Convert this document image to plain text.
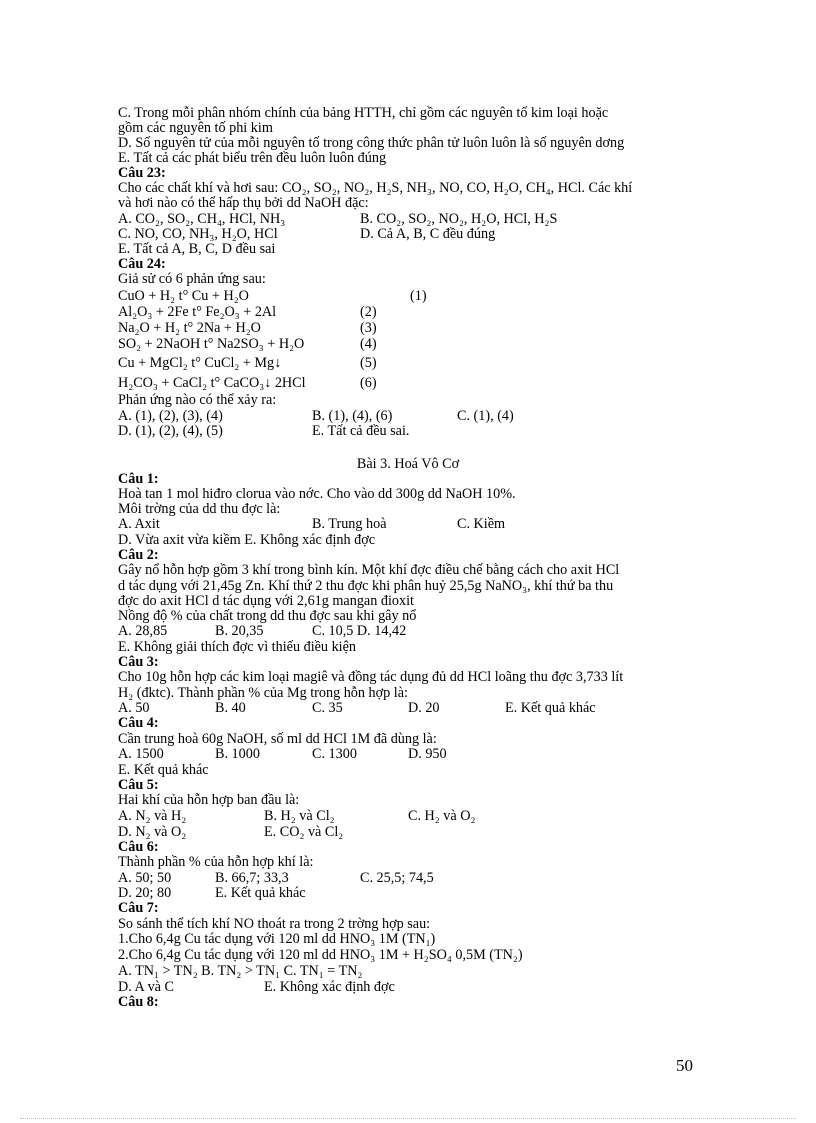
C. Trong mỗi phân nhóm chính của bảng HTTH, chỉ gồm các nguyên tố kim loại hoặc
gồm các nguyên tố phi kim
D. Số nguyên tử của mỗi nguyên tố trong công thức phân tử luôn luôn là số nguyên dơng
E. Tất cả các phát biểu trên đều luôn luôn đúng
Câu 23:
Cho các chất khí và hơi sau: CO₂, SO₂, NO₂, H₂S, NH₃, NO, CO, H₂O, CH₄, HCl. Các khí
và hơi nào có thể hấp thụ bởi dd NaOH đặc:
A. CO₂, SO₂, CH₄, HCl, NH₃	B. CO₂, SO₂, NO₂, H₂O, HCl, H₂S
C. NO, CO, NH₃, H₂O, HCl	D. Cả A, B, C đều đúng
E. Tất cả A, B, C, D đều sai
Câu 24:
Giả sử có 6 phản ứng sau:
CuO + H₂ t° Cu + H₂O	(1)
Al₂O₃ + 2Fe t° Fe₂O₃ + 2Al	(2)
Na₂O + H₂ t° 2Na + H₂O	(3)
SO₂ + 2NaOH t° Na2SO₃ + H₂O	(4)
Cu + MgCl₂ t° CuCl₂ + Mg↓	(5)
H₂CO₃ + CaCl₂ t° CaCO₃↓ 2HCl	(6)
Phản ứng nào có thể xảy ra:
A. (1), (2), (3), (4)	B. (1), (4), (6)	C. (1), (4)
D. (1), (2), (4), (5)	E. Tất cả đều sai.
Bài 3. Hoá Vô Cơ
Câu 1:
Hoà tan 1 mol hiđro clorua vào nớc. Cho vào dd 300g dd NaOH 10%.
Môi trờng của dd thu đợc là:
A. Axit	B. Trung hoà	C. Kiềm
D. Vừa axit vừa kiềm E. Không xác định đợc
Câu 2:
Gây nổ hỗn hợp gồm 3 khí trong bình kín. Một khí đợc điều chế bằng cách cho axit HCl
d tác dụng với 21,45g Zn. Khí thứ 2 thu đợc khi phân huỷ 25,5g NaNO₃, khí thứ ba thu
đợc do axit HCl d tác dụng với 2,61g mangan đioxit
Nồng độ % của chất trong dd thu đợc sau khi gây nổ
A. 28,85	B. 20,35	C. 10,5 D. 14,42
E. Không giải thích đợc vì thiếu điều kiện
Câu 3:
Cho 10g hỗn hợp các kim loại magiê và đồng tác dụng đủ dd HCl loãng thu đợc 3,733 lít
H₂ (đktc). Thành phần % của Mg trong hỗn hợp là:
A. 50	B. 40	C. 35	D. 20	E. Kết quả khác
Câu 4:
Cần trung hoà 60g NaOH, số ml dd HCl 1M đã dùng là:
A. 1500	B. 1000	C. 1300	D. 950
E. Kết quả khác
Câu 5:
Hai khí của hỗn hợp ban đầu là:
A. N₂ và H₂	B. H₂ và Cl₂	C. H₂ và O₂
D. N₂ và O₂	E. CO₂ và Cl₂
Câu 6:
Thành phần % của hỗn hợp khí là:
A. 50; 50	B. 66,7; 33,3	C. 25,5; 74,5
D. 20; 80	E. Kết quả khác
Câu 7:
So sánh thể tích khí NO thoát ra trong 2 trờng hợp sau:
1.Cho 6,4g Cu tác dụng với 120 ml dd HNO₃ 1M (TN₁)
2.Cho 6,4g Cu tác dụng với 120 ml dd HNO₃ 1M + H₂SO₄ 0,5M (TN₂)
A. TN₁ > TN₂ B. TN₂ > TN₁ C. TN₁ = TN₂
D. A và C	E. Không xác định đợc
Câu 8:
50
